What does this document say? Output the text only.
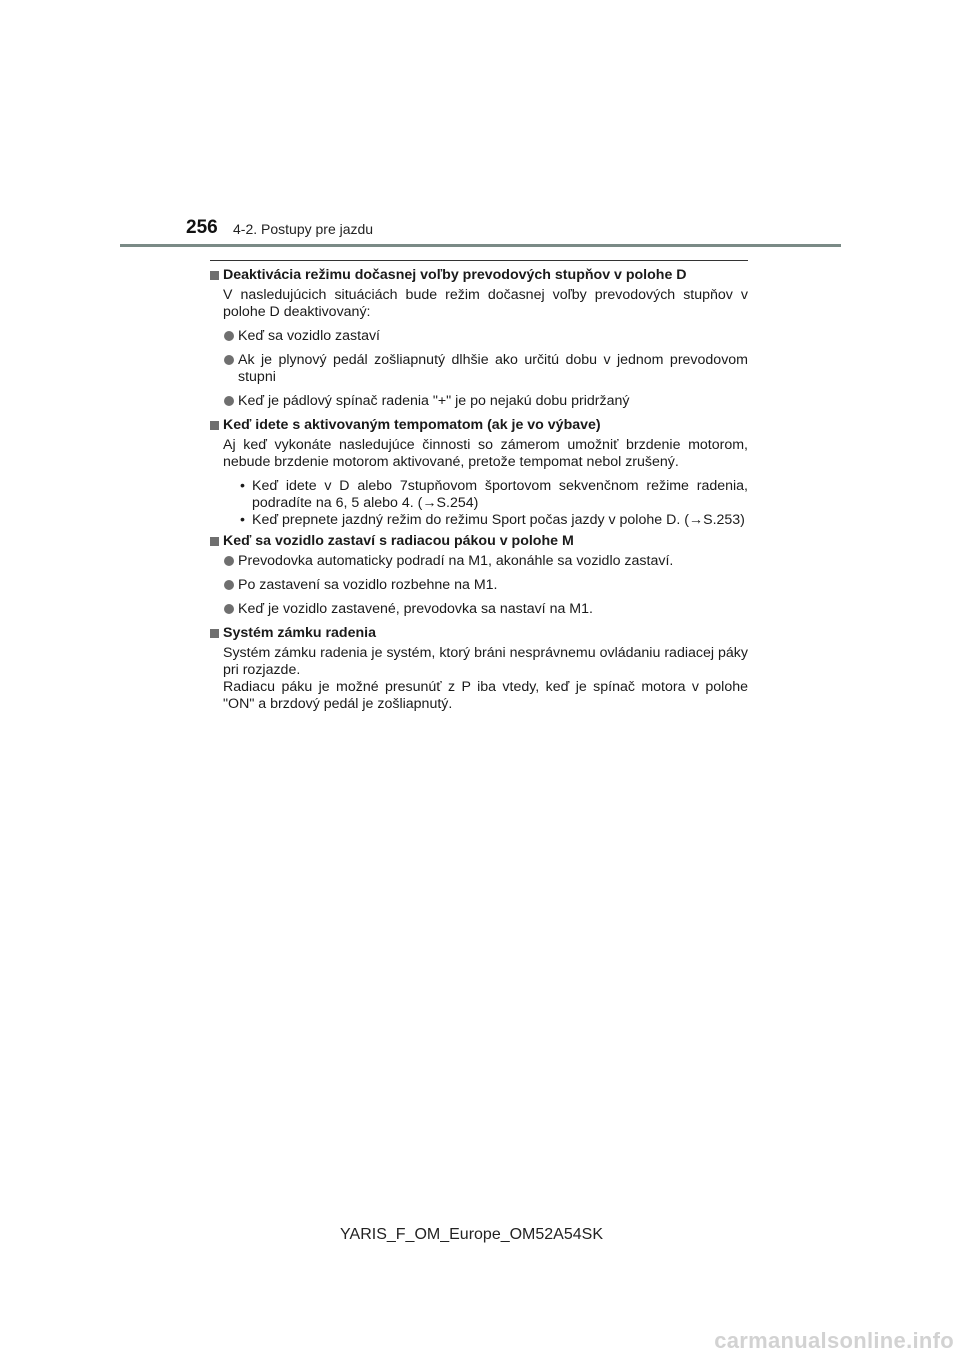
256 4-2. Postupy pre jazdu
Deaktivácia režimu dočasnej voľby prevodových stupňov v polohe D
V nasledujúcich situáciách bude režim dočasnej voľby prevodových stupňov v polohe D deaktivovaný:
Keď sa vozidlo zastaví
Ak je plynový pedál zošliapnutý dlhšie ako určitú dobu v jednom prevodovom stupni
Keď je pádlový spínač radenia "+" je po nejakú dobu pridržaný
Keď idete s aktivovaným tempomatom (ak je vo výbave)
Aj keď vykonáte nasledujúce činnosti so zámerom umožniť brzdenie motorom, nebude brzdenie motorom aktivované, pretože tempomat nebol zrušený.
• Keď idete v D alebo 7stupňovom športovom sekvenčnom režime radenia, podradíte na 6, 5 alebo 4. (→S.254)
• Keď prepnete jazdný režim do režimu Sport počas jazdy v polohe D. (→S.253)
Keď sa vozidlo zastaví s radiacou pákou v polohe M
Prevodovka automaticky podradí na M1, akonáhle sa vozidlo zastaví.
Po zastavení sa vozidlo rozbehne na M1.
Keď je vozidlo zastavené, prevodovka sa nastaví na M1.
Systém zámku radenia
Systém zámku radenia je systém, ktorý bráni nesprávnemu ovládaniu radiacej páky pri rozjazde.
Radiacu páku je možné presunúť z P iba vtedy, keď je spínač motora v polohe "ON" a brzdový pedál je zošliapnutý.
YARIS_F_OM_Europe_OM52A54SK
carmanualsonline.info
